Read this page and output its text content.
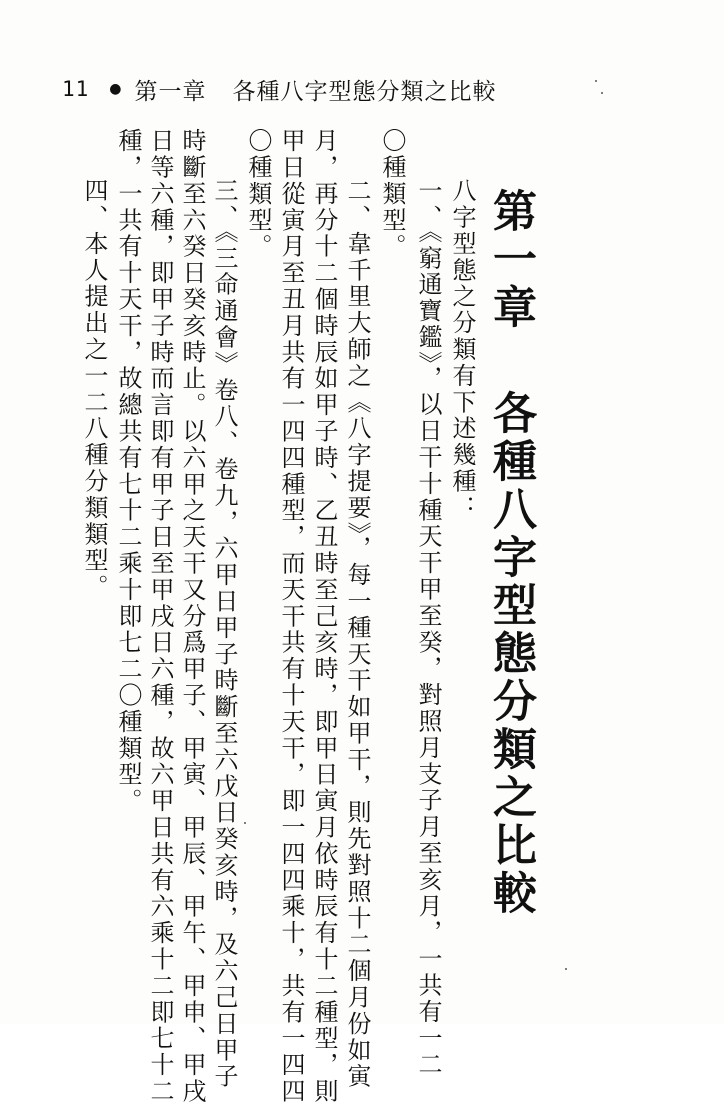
11 ● 第一章 各種八字型態分類之比較
第一章各種八字型態分類之比較
八字型態之分類有下述幾種：
一、《窮通寶鑑》，以日干十種天干甲至癸，對照月支子月至亥月，一共有一二
〇種類型。
二、韋千里大師之《八字提要》，每一種天干如甲干，則先對照十二個月份如寅
月，再分十二個時辰如甲子時、乙丑時至己亥時，即甲日寅月依時辰有十二種型，則
甲日從寅月至丑月共有一四四種型，而天干共有十天干，即一四四乘十，共有一四四
〇種類型。
三、《三命通會》卷八、卷九，六甲日甲子時斷至六戊日癸亥時，及六己日甲子
時斷至六癸日癸亥時止。以六甲之天干又分爲甲子、甲寅、甲辰、甲午、甲申、甲戌
日等六種，即甲子時而言即有甲子日至甲戌日六種，故六甲日共有六乘十二即七十二
種，一共有十天干，故總共有七十二乘十即七二〇種類型。
四、本人提出之一二八種分類類型。
